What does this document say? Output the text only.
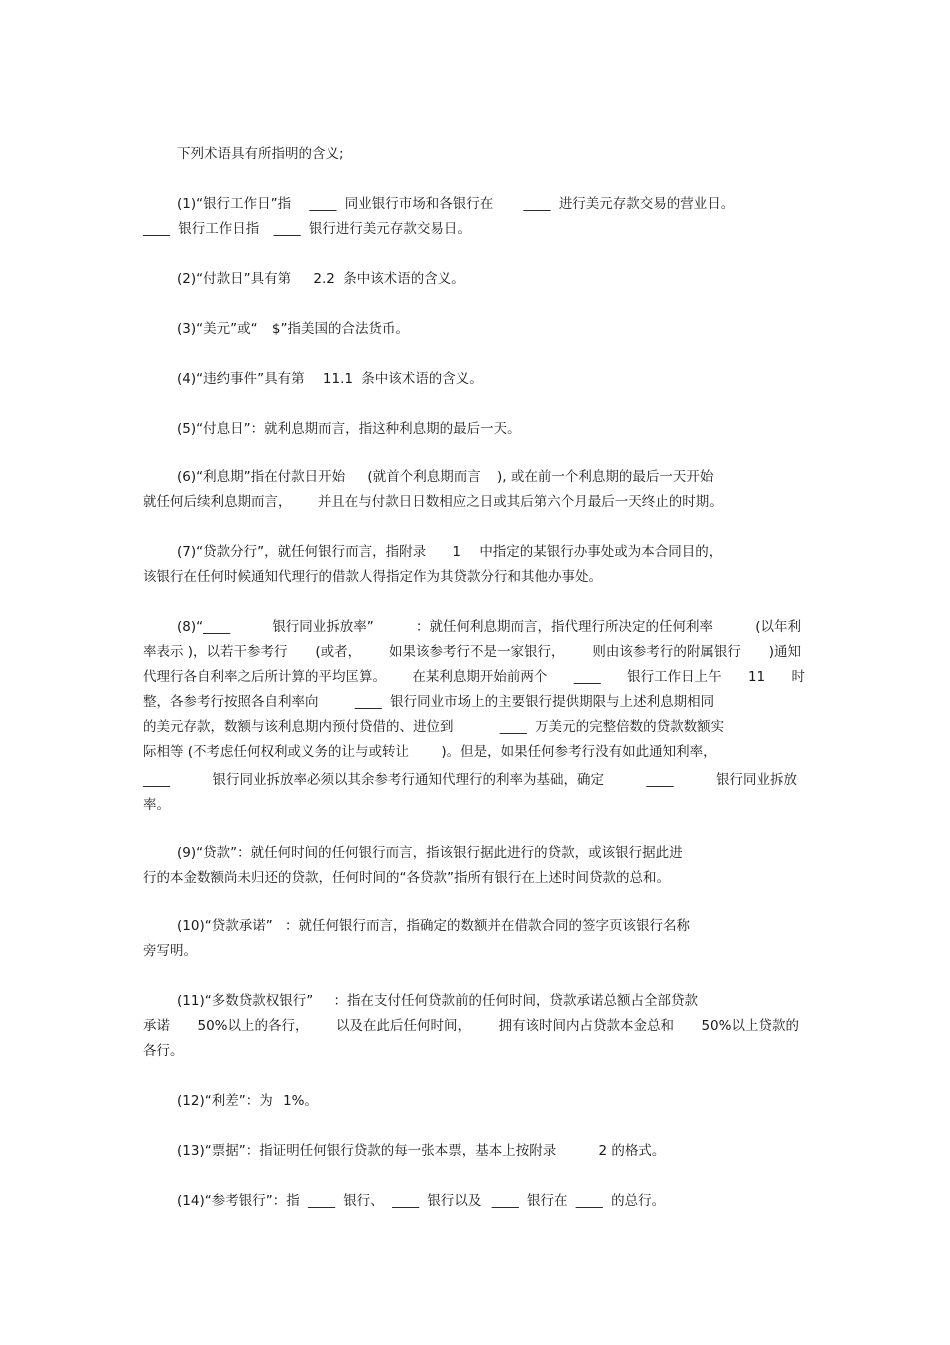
下列术语具有所指明的含义;
(1)“银行工作日”指 ____ 同业银行市场和各银行在 ____ 进行美元存款交易的营业日。
____ 银行工作日指 ____ 银行进行美元存款交易日。
(2)“付款日”具有第 2.2 条中该术语的含义。
(3)“美元”或“ $”指美国的合法货币。
(4)“违约事件”具有第 11.1 条中该术语的含义。
(5)“付息日”：就利息期而言，指这种利息期的最后一天。
(6)“利息期”指在付款日开始 (就首个利息期而言 ), 或在前一个利息期的最后一天开始
就任何后续利息期而言， 并且在与付款日日数相应之日或其后第六个月最后一天终止的时期。
(7)“贷款分行”，就任何银行而言，指附录 1 中指定的某银行办事处或为本合同目的，
该银行在任何时候通知代理行的借款人得指定作为其贷款分行和其他办事处。
(8)“____	银行同业拆放率”	：就任何利息期而言，指代理行所决定的任何利率	(以年利
率表示 )，以若干参考行 (或者， 如果该参考行不是一家银行， 则由该参考行的附属银行 )通知
代理行各自利率之后所计算的平均匡算。 在某利息期开始前两个 ____ 银行工作日上午 11 时
整，各参考行按照各自利率向	____ 银行同业市场上的主要银行提供期限与上述利息期相同
的美元存款，数额与该利息期内预付贷借的、进位到	____ 万美元的完整倍数的贷款数额实
际相等 (不考虑任何权利或义务的让与或转让 )。但是，如果任何参考行没有如此通知利率，
____	银行同业拆放率必须以其余参考行通知代理行的利率为基础，确定	____	银行同业拆放
率。
(9)“贷款”：就任何时间的任何银行而言，指该银行据此进行的贷款，或该银行据此进
行的本金数额尚未归还的贷款，任何时间的“各贷款”指所有银行在上述时间贷款的总和。
(10)“贷款承诺” ：就任何银行而言，指确定的数额并在借款合同的签字页该银行名称
旁写明。
(11)“多数贷款权银行” ：指在支付任何贷款前的任何时间，贷款承诺总额占全部贷款
承诺 50%以上的各行， 以及在此后任何时间， 拥有该时间内占贷款本金总和 50%以上贷款的
各行。
(12)“利差”：为 1%。
(13)“票据”：指证明任何银行贷款的每一张本票，基本上按附录	2 的格式。
(14)“参考银行”：指 ____ 银行、 ____ 银行以及 ____ 银行在 ____ 的总行。
